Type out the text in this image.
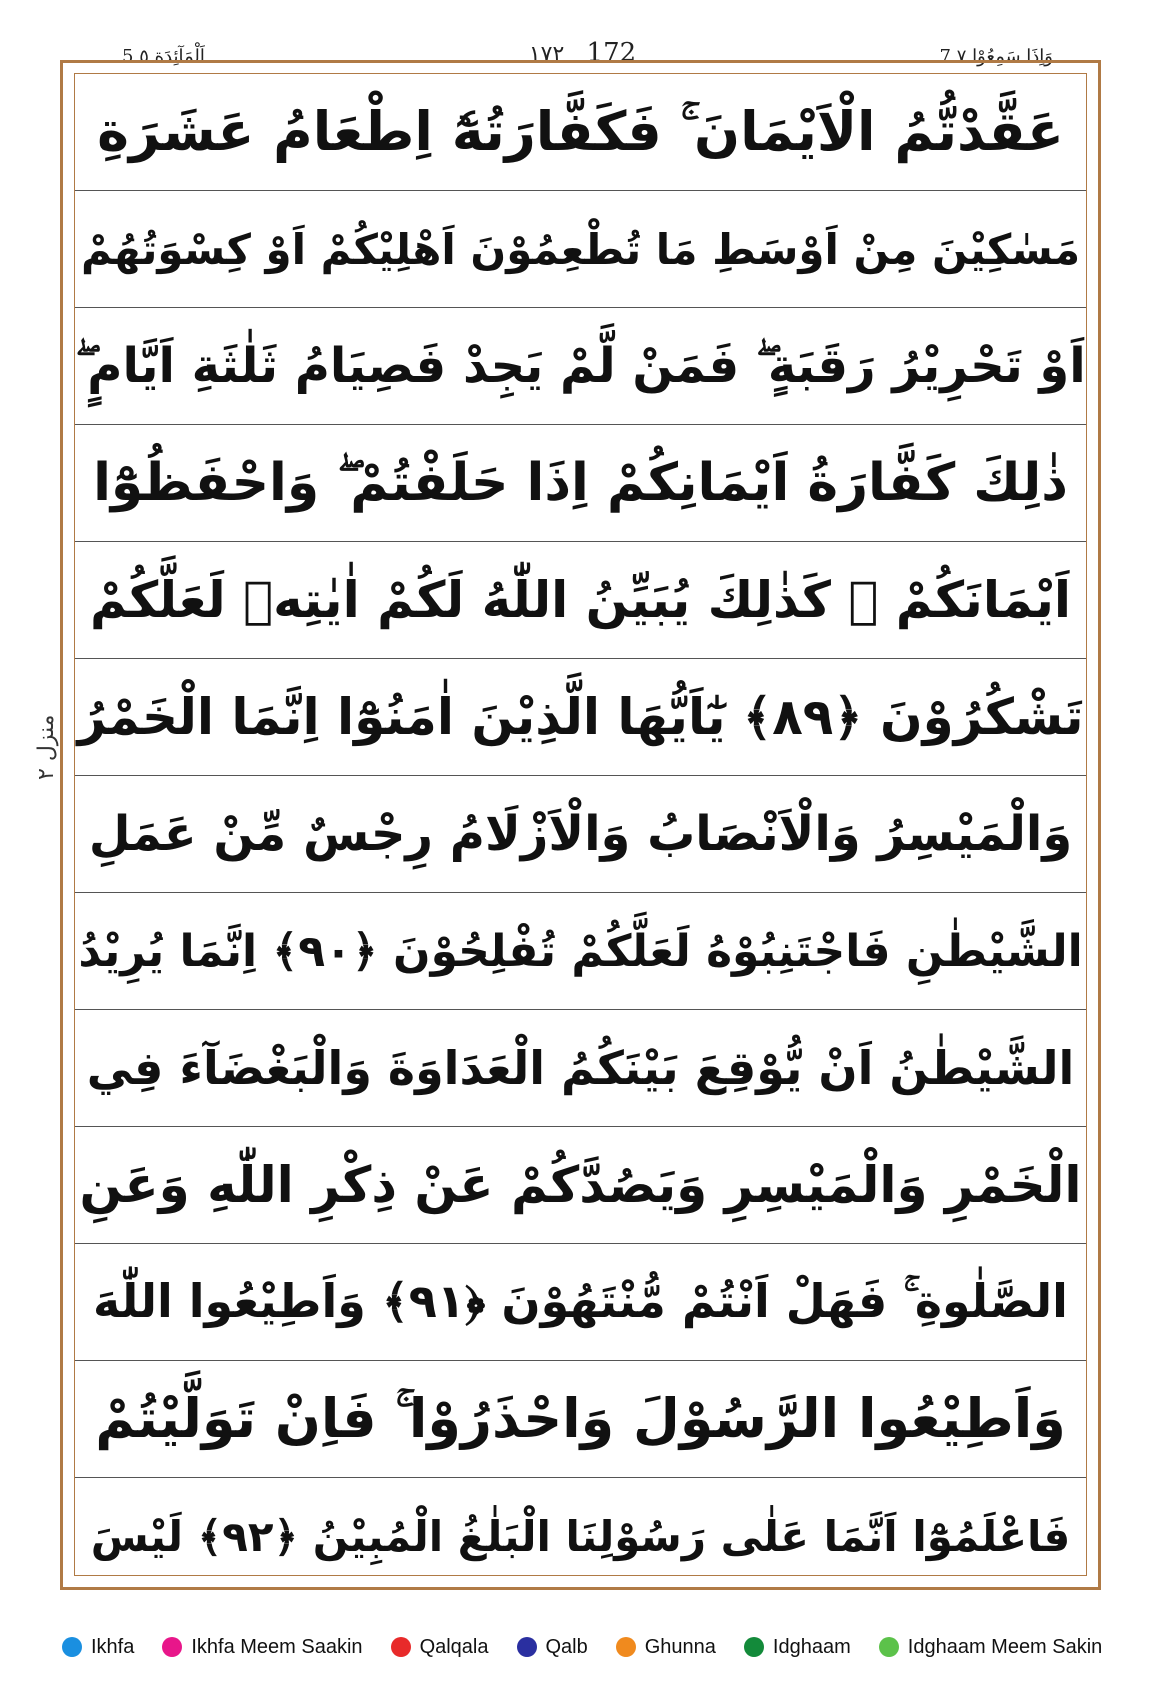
5 اَلْمَآئِدَة ٥	١٧٢ 172	7 وَاِذَا سَمِعُوْا ٧
عَقَّدْتُّمُ الْاَيْمَانَ ۚ فَكَفَّارَتُهٗٓ اِطْعَامُ عَشَرَةِ
مَسٰكِيْنَ مِنْ اَوْسَطِ مَا تُطْعِمُوْنَ اَهْلِيْكُمْ اَوْ كِسْوَتُهُمْ
اَوْ تَحْرِيْرُ رَقَبَةٍ ۖ فَمَنْ لَّمْ يَجِدْ فَصِيَامُ ثَلٰثَةِ اَيَّامٍ ۖ
ذٰلِكَ كَفَّارَةُ اَيْمَانِكُمْ اِذَا حَلَفْتُمْ ۖ وَاحْفَظُوْٓا
اَيْمَانَكُمْ ۖ كَذٰلِكَ يُبَيِّنُ اللّٰهُ لَكُمْ اٰيٰتِهٖ لَعَلَّكُمْ
تَشْكُرُوْنَ ﴿٨٩﴾ يٰٓاَيُّهَا الَّذِيْنَ اٰمَنُوْٓا اِنَّمَا الْخَمْرُ
وَالْمَيْسِرُ وَالْاَنْصَابُ وَالْاَزْلَامُ رِجْسٌ مِّنْ عَمَلِ
الشَّيْطٰنِ فَاجْتَنِبُوْهُ لَعَلَّكُمْ تُفْلِحُوْنَ ﴿٩٠﴾ اِنَّمَا يُرِيْدُ
الشَّيْطٰنُ اَنْ يُّوْقِعَ بَيْنَكُمُ الْعَدَاوَةَ وَالْبَغْضَآءَ فِي
الْخَمْرِ وَالْمَيْسِرِ وَيَصُدَّكُمْ عَنْ ذِكْرِ اللّٰهِ وَعَنِ
الصَّلٰوةِ ۚ فَهَلْ اَنْتُمْ مُّنْتَهُوْنَ ﴿٩١﴾ وَاَطِيْعُوا اللّٰهَ
وَاَطِيْعُوا الرَّسُوْلَ وَاحْذَرُوْا ۚ فَاِنْ تَوَلَّيْتُمْ
فَاعْلَمُوْٓا اَنَّمَا عَلٰى رَسُوْلِنَا الْبَلٰغُ الْمُبِيْنُ ﴿٩٢﴾ لَيْسَ
منزل ٢
Ikhfa	Ikhfa Meem Saakin	Qalqala	Qalb	Ghunna	Idghaam	Idghaam Meem Sakin
